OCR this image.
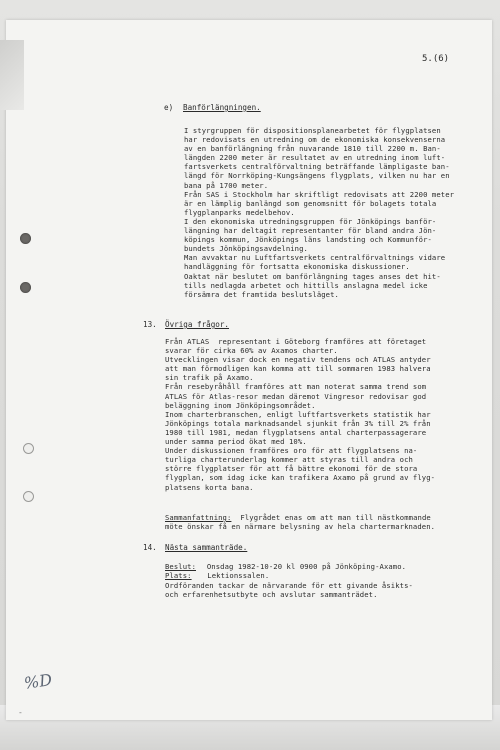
5.(6)
e) Banförlängningen.
I styrgruppen för dispositionsplanearbetet för flygplatsen
har redovisats en utredning om de ekonomiska konsekvenserna
av en banförlängning från nuvarande 1810 till 2200 m. Ban-
längden 2200 meter är resultatet av en utredning inom luft-
fartsverkets centralförvaltning beträffande lämpligaste ban-
längd för Norrköping-Kungsängens flygplats, vilken nu har en
bana på 1700 meter.
Från SAS i Stockholm har skriftligt redovisats att 2200 meter
är en lämplig banlängd som genomsnitt för bolagets totala
flygplanparks medelbehov.
I den ekonomiska utredningsgruppen för Jönköpings banför-
längning har deltagit representanter för bland andra Jön-
köpings kommun, Jönköpings läns landsting och Kommunför-
bundets Jönköpingsavdelning.
Man avvaktar nu Luftfartsverkets centralförvaltnings vidare
handläggning för fortsatta ekonomiska diskussioner.
Oaktat när beslutet om banförlängning tages anses det hit-
tills nedlagda arbetet och hittills anslagna medel icke
försämra det framtida beslutsläget.
13. Övriga frågor.
Från ATLAS  representant i Göteborg framföres att företaget
svarar för cirka 60% av Axamos charter.
Utvecklingen visar dock en negativ tendens och ATLAS antyder
att man förmodligen kan komma att till sommaren 1983 halvera
sin trafik på Axamo.
Från resebyråhåll framföres att man noterat samma trend som
ATLAS för Atlas-resor medan däremot Vingresor redovisar god
beläggning inom Jönköpingsområdet.
Inom charterbranschen, enligt luftfartsverkets statistik har
Jönköpings totala marknadsandel sjunkit från 3% till 2% från
1980 till 1981, medan flygplatsens antal charterpassagerare
under samma period ökat med 10%.
Under diskussionen framföres oro för att flygplatsens na-
turliga charterunderlag kommer att styras till andra och
större flygplatser för att få bättre ekonomi för de stora
flygplan, som idag icke kan trafikera Axamo på grund av flyg-
platsens korta bana.
Sammanfattning: Flygrådet enas om att man till nästkommande
möte önskar få en närmare belysning av hela chartermarknaden.
14. Nästa sammanträde.
Beslut: Onsdag 1982-10-20 kl 0900 på Jönköping-Axamo.
Plats: Lektionssalen.
Ordföranden tackar de närvarande för ett givande åsikts-
och erfarenhetsutbyte och avslutar sammanträdet.
%D
-
